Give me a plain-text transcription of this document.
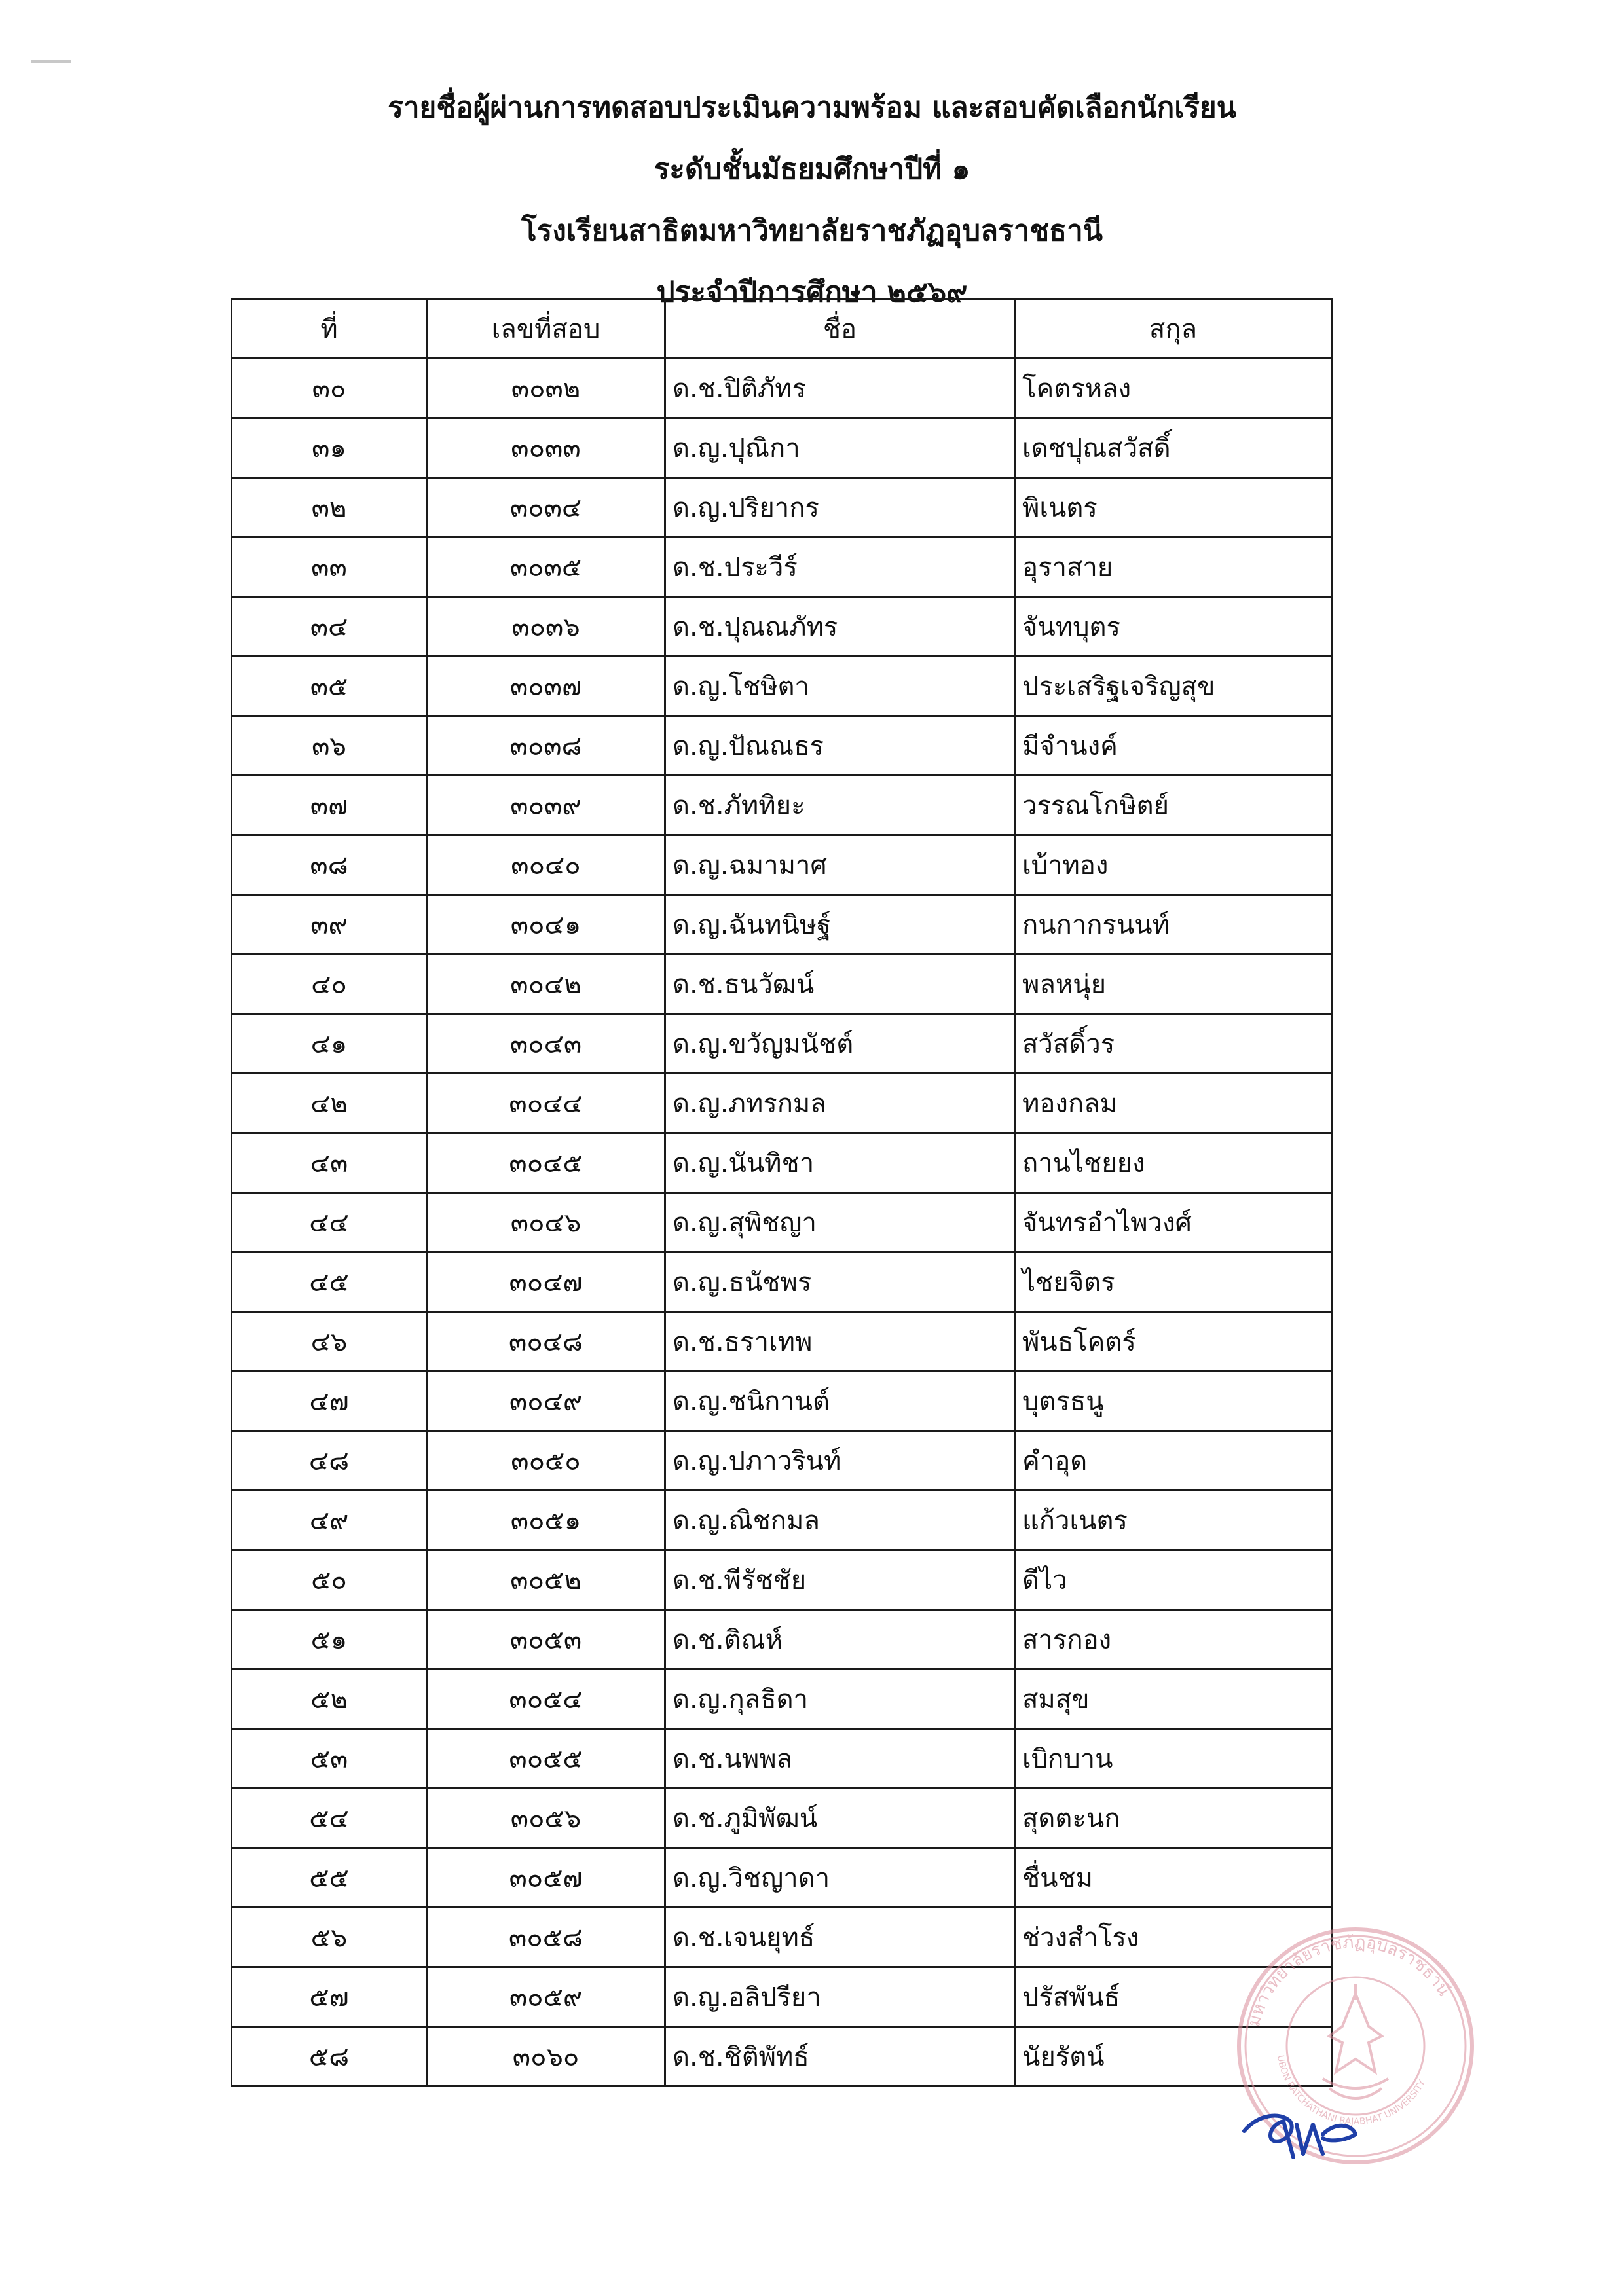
รายชื่อผู้ผ่านการทดสอบประเมินความพร้อม และสอบคัดเลือกนักเรียน
ระดับชั้นมัธยมศึกษาปีที่ ๑
โรงเรียนสาธิตมหาวิทยาลัยราชภัฏอุบลราชธานี
ประจำปีการศึกษา ๒๕๖๙
ที่	เลขที่สอบ	ชื่อ	สกุล
๓๐	๓๐๓๒	ด.ช.ปิติภัทร	โคตรหลง
๓๑	๓๐๓๓	ด.ญ.ปุณิกา	เดชปุณสวัสดิ์
๓๒	๓๐๓๔	ด.ญ.ปริยากร	พิเนตร
๓๓	๓๐๓๕	ด.ช.ประวีร์	อุราสาย
๓๔	๓๐๓๖	ด.ช.ปุณณภัทร	จันทบุตร
๓๕	๓๐๓๗	ด.ญ.โชษิตา	ประเสริฐเจริญสุข
๓๖	๓๐๓๘	ด.ญ.ปัณณธร	มีจำนงค์
๓๗	๓๐๓๙	ด.ช.ภัททิยะ	วรรณโกษิตย์
๓๘	๓๐๔๐	ด.ญ.ฉมามาศ	เบ้าทอง
๓๙	๓๐๔๑	ด.ญ.ฉันทนิษฐ์	กนกากรนนท์
๔๐	๓๐๔๒	ด.ช.ธนวัฒน์	พลหนุ่ย
๔๑	๓๐๔๓	ด.ญ.ขวัญมนัชต์	สวัสดิ์วร
๔๒	๓๐๔๔	ด.ญ.ภทรกมล	ทองกลม
๔๓	๓๐๔๕	ด.ญ.นันทิชา	ถานไชยยง
๔๔	๓๐๔๖	ด.ญ.สุพิชญา	จันทรอำไพวงศ์
๔๕	๓๐๔๗	ด.ญ.ธนัชพร	ไชยจิตร
๔๖	๓๐๔๘	ด.ช.ธราเทพ	พันธโคตร์
๔๗	๓๐๔๙	ด.ญ.ชนิกานต์	บุตรธนู
๔๘	๓๐๕๐	ด.ญ.ปภาวรินท์	คำอุด
๔๙	๓๐๕๑	ด.ญ.ณิชกมล	แก้วเนตร
๕๐	๓๐๕๒	ด.ช.พีรัชชัย	ดีไว
๕๑	๓๐๕๓	ด.ช.ติณห์	สารกอง
๕๒	๓๐๕๔	ด.ญ.กุลธิดา	สมสุข
๕๓	๓๐๕๕	ด.ช.นพพล	เบิกบาน
๕๔	๓๐๕๖	ด.ช.ภูมิพัฒน์	สุดตะนก
๕๕	๓๐๕๗	ด.ญ.วิชญาดา	ชื่นชม
๕๖	๓๐๕๘	ด.ช.เจนยุทธ์	ช่วงสำโรง
๕๗	๓๐๕๙	ด.ญ.อลิปรียา	ปรัสพันธ์
๕๘	๓๐๖๐	ด.ช.ชิติพัทธ์	นัยรัตน์
มหาวิทยาลัยราชภัฏอุบลราชธานี
UBON RATCHATHANI RAJABHAT UNIVERSITY
